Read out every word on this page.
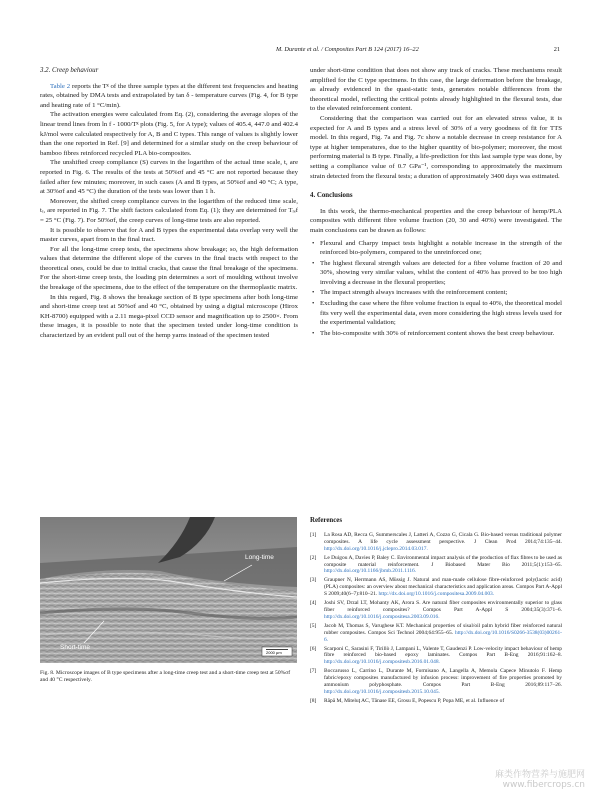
M. Durante et al. / Composites Part B 124 (2017) 16–22	21
3.2. Creep behaviour

Table 2 reports the Tᵍ of the three sample types at the different test frequencies and heating rates, obtained by DMA tests and extrapolated by tan δ - temperature curves (Fig. 4, for B type and heating rate of 1 °C/min).

The activation energies were calculated from Eq. (2), considering the average slopes of the linear trend lines from ln f - 1000/Tᵍ plots (Fig. 5, for A type); values of 405.4, 447.0 and 402.4 kJ/mol were calculated respectively for A, B and C types. This range of values is slightly lower than the one reported in Ref. [9] and determined for a similar study on the creep behaviour of bamboo fibres reinforced recycled PLA bio-composites.

The unshifted creep compliance (S) curves in the logarithm of the actual time scale, t, are reported in Fig. 6. The results of the tests at 50%σf and 45 °C are not reported because they failed after few minutes; moreover, in such cases (A and B types, at 50%σf and 40 °C; A type, at 30%σf and 45 °C) the duration of the tests was lower than 1 h.

Moreover, the shifted creep compliance curves in the logarithm of the reduced time scale, tᵣ, are reported in Fig. 7. The shift factors calculated from Eq. (1); they are determined for Tᵣₑf = 25 °C (Fig. 7). For 50%σf, the creep curves of long-time tests are also reported.

It is possible to observe that for A and B types the experimental data overlap very well the master curves, apart from in the final tract.

For all the long-time creep tests, the specimens show breakage; so, the high deformation values that determine the different slope of the curves in the final tracts with respect to the theoretical ones, could be due to initial cracks, that cause the final breakage of the specimens. For the short-time creep tests, the loading pin determines a sort of moulding without involve the breakage of the specimens, due to the effect of the temperature on the thermoplastic matrix.

In this regard, Fig. 8 shows the breakage section of B type specimens after both long-time and short-time creep test at 50%σf and 40 °C, obtained by using a digital microscope (Hirox KH-8700) equipped with a 2.11 mega-pixel CCD sensor and magnification up to 2500×. From these images, it is possible to note that the specimen tested under long-time condition is characterized by an evident pull out of the hemp yarns instead of the specimen tested

Long-time
Short-time
2000 μm
Fig. 8. Microscope images of B type specimens after a long-time creep test and a short-time creep test at 50%σf and 40 °C respectively.

under short-time condition that does not show any track of cracks. These mechanisms result amplified for the C type specimens. In this case, the large deformation before the breakage, as already evidenced in the quasi-static tests, generates notable differences from the theoretical model, reflecting the critical points already highlighted in the flexural tests, due to the elevated reinforcement content.

Considering that the comparison was carried out for an elevated stress value, it is expected for A and B types and a stress level of 30% σf a very goodness of fit for TTS model. In this regard, Fig. 7a and Fig. 7c show a notable decrease in creep resistance for A type at higher temperatures, due to the higher quantity of bio-polymer; moreover, the most performing material is B type. Finally, a life-prediction for this last sample type was done, by setting a compliance value of 0.7 GPa⁻¹, corresponding to approximately the maximum strain detected from the flexural tests; a duration of approximately 3400 days was estimated.

4. Conclusions

In this work, the thermo-mechanical properties and the creep behaviour of hemp/PLA composites with different fibre volume fraction (20, 30 and 40%) were investigated. The main conclusions can be drawn as follows:

• Flexural and Charpy impact tests highlight a notable increase in the strength of the reinforced bio-polymers, compared to the unreinforced one;
• The highest flexural strength values are detected for a fibre volume fraction of 20 and 30%, showing very similar values, whilst the content of 40% has proved to be too high involving a decrease in the flexural properties;
• The impact strength always increases with the reinforcement content;
• Excluding the case where the fibre volume fraction is equal to 40%, the theoretical model fits very well the experimental data, even more considering the high stress levels used for the experimental validation;
• The bio-composite with 30% of reinforcement content shows the best creep behaviour.
References
[1] La Rosa AD, Recca G, Summerscales J, Latteri A, Cozzo G, Cicala G. Bio-based versus traditional polymer composites. A life cycle assessment perspective. J Clean Prod 2014;74:135–44. http://dx.doi.org/10.1016/j.jclepro.2014.03.017.
[2] Le Duigou A, Davies P, Baley C. Environmental impact analysis of the production of flax fibres to be used as composite material reinforcement. J Biobased Mater Bio 2011;5(1):153–65. http://dx.doi.org/10.1166/jbmb.2011.1116.
[3] Graupner N, Herrmann AS, Müssig J. Natural and man-made cellulose fibre-reinforced poly(lactic acid) (PLA) composites: an overview about mechanical characteristics and application areas. Compos Part A-Appl S 2009;40(6–7):810–21. http://dx.doi.org/10.1016/j.compositesa.2009.04.003.
[4] Joshi SV, Drzal LT, Mohanty AK, Arora S. Are natural fiber composites environmentally superior to glass fiber reinforced composites? Compos Part A-Appl S 2004;35(3):371–6. http://dx.doi.org/10.1016/j.compositesa.2003.09.016.
[5] Jacob M, Thomas S, Varughese KT. Mechanical properties of sisal/oil palm hybrid fiber reinforced natural rubber composites. Compos Sci Technol 2004;64:955–65. http://dx.doi.org/10.1016/S0266-3538(03)00261-6.
[6] Scarponi C, Sarasini F, Tirillò J, Lampani L, Valente T, Gaudenzi P. Low-velocity impact behaviour of hemp fibre reinforced bio-based epoxy laminates. Compos Part B-Eng 2016;91:162–8. http://dx.doi.org/10.1016/j.compositesb.2016.01.048.
[7] Boccarusso L, Carrino L, Durante M, Formisano A, Langella A, Memola Capece Minutolo F. Hemp fabric/epoxy composites manufactured by infusion process: improvement of fire properties promoted by ammonium polyphosphate. Compos Part B-Eng 2016;89:117–26. http://dx.doi.org/10.1016/j.compositesb.2015.10.045.
[8] Răpă M, Miteluţ AC, Tănase EE, Grosu E, Popescu P, Popa ME, et al. Influence of
麻类作物营养与施肥网
www.fibercrops.cn
